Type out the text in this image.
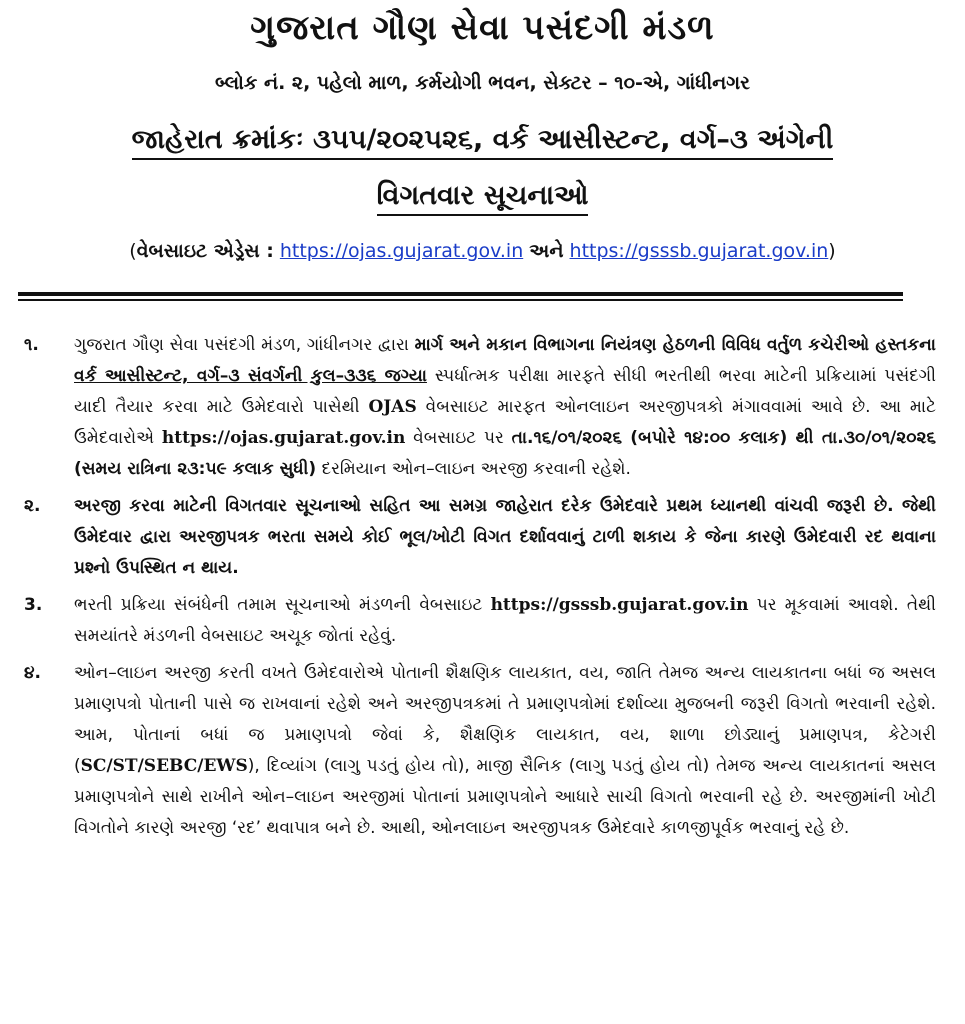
ગુજરાત ગૌણ સેવા પસંદગી મંડળ
બ્લોક નં. ૨, પહેલો માળ, કર્મયોગી ભવન, સેક્ટર – ૧૦-એ, ગાંધીનગર
જાહેરાત ક્રમાંકઃ ૩૫૫/૨૦૨૫૨૬, વર્ક આસીસ્ટન્ટ, વર્ગ–૩ અંગેની
વિગતવાર સૂચનાઓ
(વેબસાઇટ એડ્રેસ : https://ojas.gujarat.gov.in અને https://gsssb.gujarat.gov.in)
૧.	ગુજરાત ગૌણ સેવા પસંદગી મંડળ, ગાંધીનગર દ્વારા માર્ગ અને મકાન વિભાગના નિયંત્રણ હેઠળની વિવિધ વર્તુળ કચેરીઓ હસ્તકના વર્ક આસીસ્ટન્ટ, વર્ગ–૩ સંવર્ગની કુલ–૩૩૬ જગ્યા સ્પર્ધાત્મક પરીક્ષા મારફતે સીધી ભરતીથી ભરવા માટેની પ્રક્રિયામાં પસંદગી યાદી તૈયાર કરવા માટે ઉમેદવારો પાસેથી OJAS વેબસાઇટ મારફત ઓનલાઇન અરજીપત્રકો મંગાવવામાં આવે છે. આ માટે ઉમેદવારોએ https://ojas.gujarat.gov.in વેબસાઇટ પર તા.૧૬/૦૧/૨૦૨૬ (બપોરે ૧૪:૦૦ કલાક) થી તા.૩૦/૦૧/૨૦૨૬ (સમય રાત્રિના ૨૩:૫૯ કલાક સુધી) દરમિયાન ઓન–લાઇન અરજી કરવાની રહેશે.
૨.	અરજી કરવા માટેની વિગતવાર સૂચનાઓ સહિત આ સમગ્ર જાહેરાત દરેક ઉમેદવારે પ્રથમ ધ્યાનથી વાંચવી જરૂરી છે. જેથી ઉમેદવાર દ્વારા અરજીપત્રક ભરતા સમયે કોઈ ભૂલ/ખોટી વિગત દર્શાવવાનું ટાળી શકાય કે જેના કારણે ઉમેદવારી રદ થવાના પ્રશ્નો ઉપસ્થિત ન થાય.
3.	ભરતી પ્રક્રિયા સંબંધેની તમામ સૂચનાઓ મંડળની વેબસાઇટ https://gsssb.gujarat.gov.in પર મૂકવામાં આવશે. તેથી સમયાંતરે મંડળની વેબસાઇટ અચૂક જોતાં રહેવું.
૪.	ઓન–લાઇન અરજી કરતી વખતે ઉમેદવારોએ પોતાની શૈક્ષણિક લાયકાત, વય, જાતિ તેમજ અન્ય લાયકાતના બધાં જ અસલ પ્રમાણપત્રો પોતાની પાસે જ રાખવાનાં રહેશે અને અરજીપત્રકમાં તે પ્રમાણપત્રોમાં દર્શાવ્યા મુજબની જરૂરી વિગતો ભરવાની રહેશે. આમ, પોતાનાં બધાં જ પ્રમાણપત્રો જેવાં કે, શૈક્ષણિક લાયકાત, વય, શાળા છોડ્યાનું પ્રમાણપત્ર, કેટેગરી (SC/ST/SEBC/EWS), દિવ્યાંગ (લાગુ પડતું હોય તો), માજી સૈનિક (લાગુ પડતું હોય તો) તેમજ અન્ય લાયકાતનાં અસલ પ્રમાણપત્રોને સાથે રાખીને ઓન–લાઇન અરજીમાં પોતાનાં પ્રમાણપત્રોને આધારે સાચી વિગતો ભરવાની રહે છે. અરજીમાંની ખોટી વિગતોને કારણે અરજી ‘રદ’ થવાપાત્ર બને છે. આથી, ઓનલાઇન અરજીપત્રક ઉમેદવારે કાળજીપૂર્વક ભરવાનું રહે છે.
